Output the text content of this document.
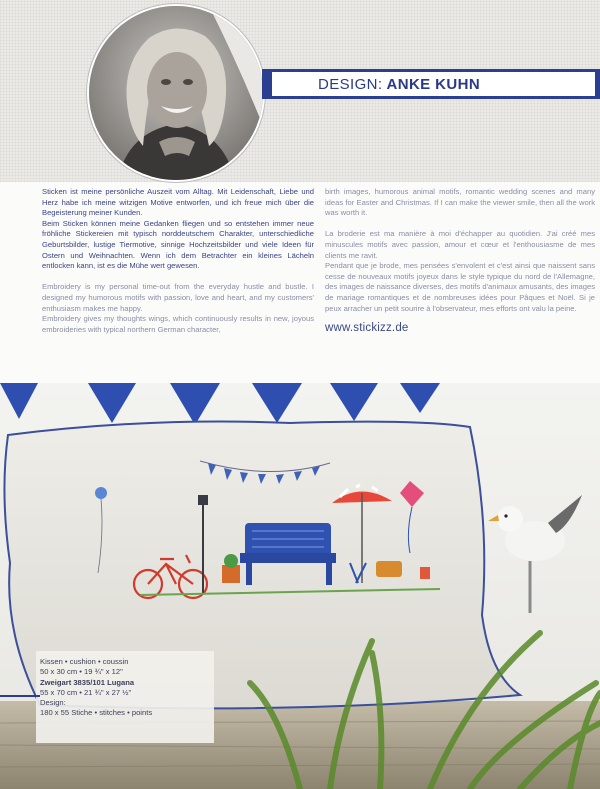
DESIGN: ANKE KUHN

Sticken ist meine persönliche Auszeit vom Alltag. Mit Leidenschaft, Liebe und Herz habe ich meine witzigen Motive entworfen, und ich freue mich über die Begeisterung meiner Kunden.

Beim Sticken können meine Gedanken fliegen und so entstehen immer neue fröhliche Stickereien mit typisch norddeutschem Charakter, unterschiedliche Geburtsbilder, lustige Tiermotive, sinnige Hochzeitsbilder und viele Ideen für Ostern und Weihnachten. Wenn ich dem Betrachter ein kleines Lächeln entlocken kann, ist es die Mühe wert gewesen.

Embroidery is my personal time-out from the everyday hustle and bustle. I designed my humorous motifs with passion, love and heart, and my customers' enthusiasm makes me happy.

Embroidery gives my thoughts wings, which continuously results in new, joyous embroideries with typical northern German character,

birth images, humorous animal motifs, romantic wedding scenes and many ideas for Easter and Christmas. If I can make the viewer smile, then all the work was worth it.

La broderie est ma manière à moi d'échapper au quotidien. J'ai créé mes minuscules motifs avec passion, amour et cœur et l'enthousiasme de mes clients me ravit.

Pendant que je brode, mes pensées s'envolent et c'est ainsi que naissent sans cesse de nouveaux motifs joyeux dans le style typique du nord de l'Allemagne, des images de naissance diverses, des motifs d'animaux amusants, des images de mariage romantiques et de nombreuses idées pour Pâques et Noël. Si je peux arracher un petit sourire à l'observateur, mes efforts ont valu la peine.

www.stickizz.de
Kissen • cushion • coussin
50 x 30 cm • 19 ¾" x 12"
Zweigart 3835/101 Lugana
55 x 70 cm • 21 ¾" x 27 ½"
Design:
180 x 55 Stiche • stitches • points
